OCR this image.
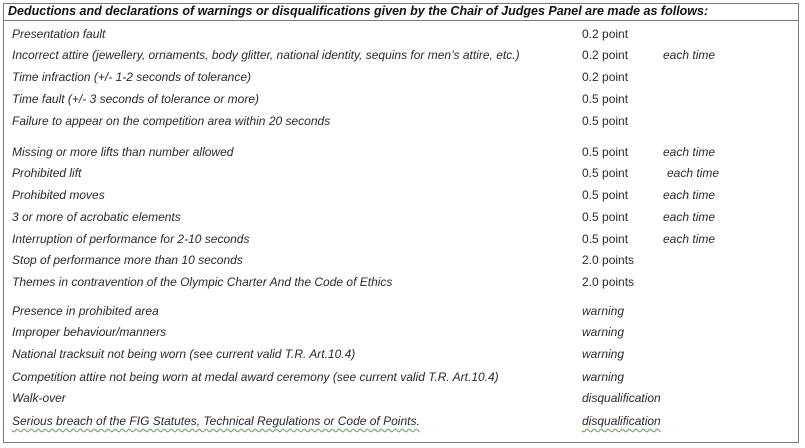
Deductions and declarations of warnings or disqualifications given by the Chair of Judges Panel are made as follows:
Presentation fault	0.2 point
Incorrect attire (jewellery, ornaments, body glitter, national identity, sequins for men’s attire, etc.)	0.2 point	each time
Time infraction (+/- 1-2 seconds of tolerance)	0.2 point
Time fault (+/- 3 seconds of tolerance or more)	0.5 point
Failure to appear on the competition area within 20 seconds	0.5 point
Missing or more lifts than number allowed	0.5 point	each time
Prohibited lift	0.5 point	each time
Prohibited moves	0.5 point	each time
3 or more of acrobatic elements	0.5 point	each time
Interruption of performance for 2-10 seconds	0.5 point	each time
Stop of performance more than 10 seconds	2.0 points
Themes in contravention of the Olympic Charter And the Code of Ethics	2.0 points
Presence in prohibited area	warning
Improper behaviour/manners	warning
National tracksuit not being worn (see current valid T.R. Art.10.4)	warning
Competition attire not being worn at medal award ceremony (see current valid T.R. Art.10.4)	warning
Walk-over	disqualification
Serious breach of the FIG Statutes, Technical Regulations or Code of Points.	disqualification
